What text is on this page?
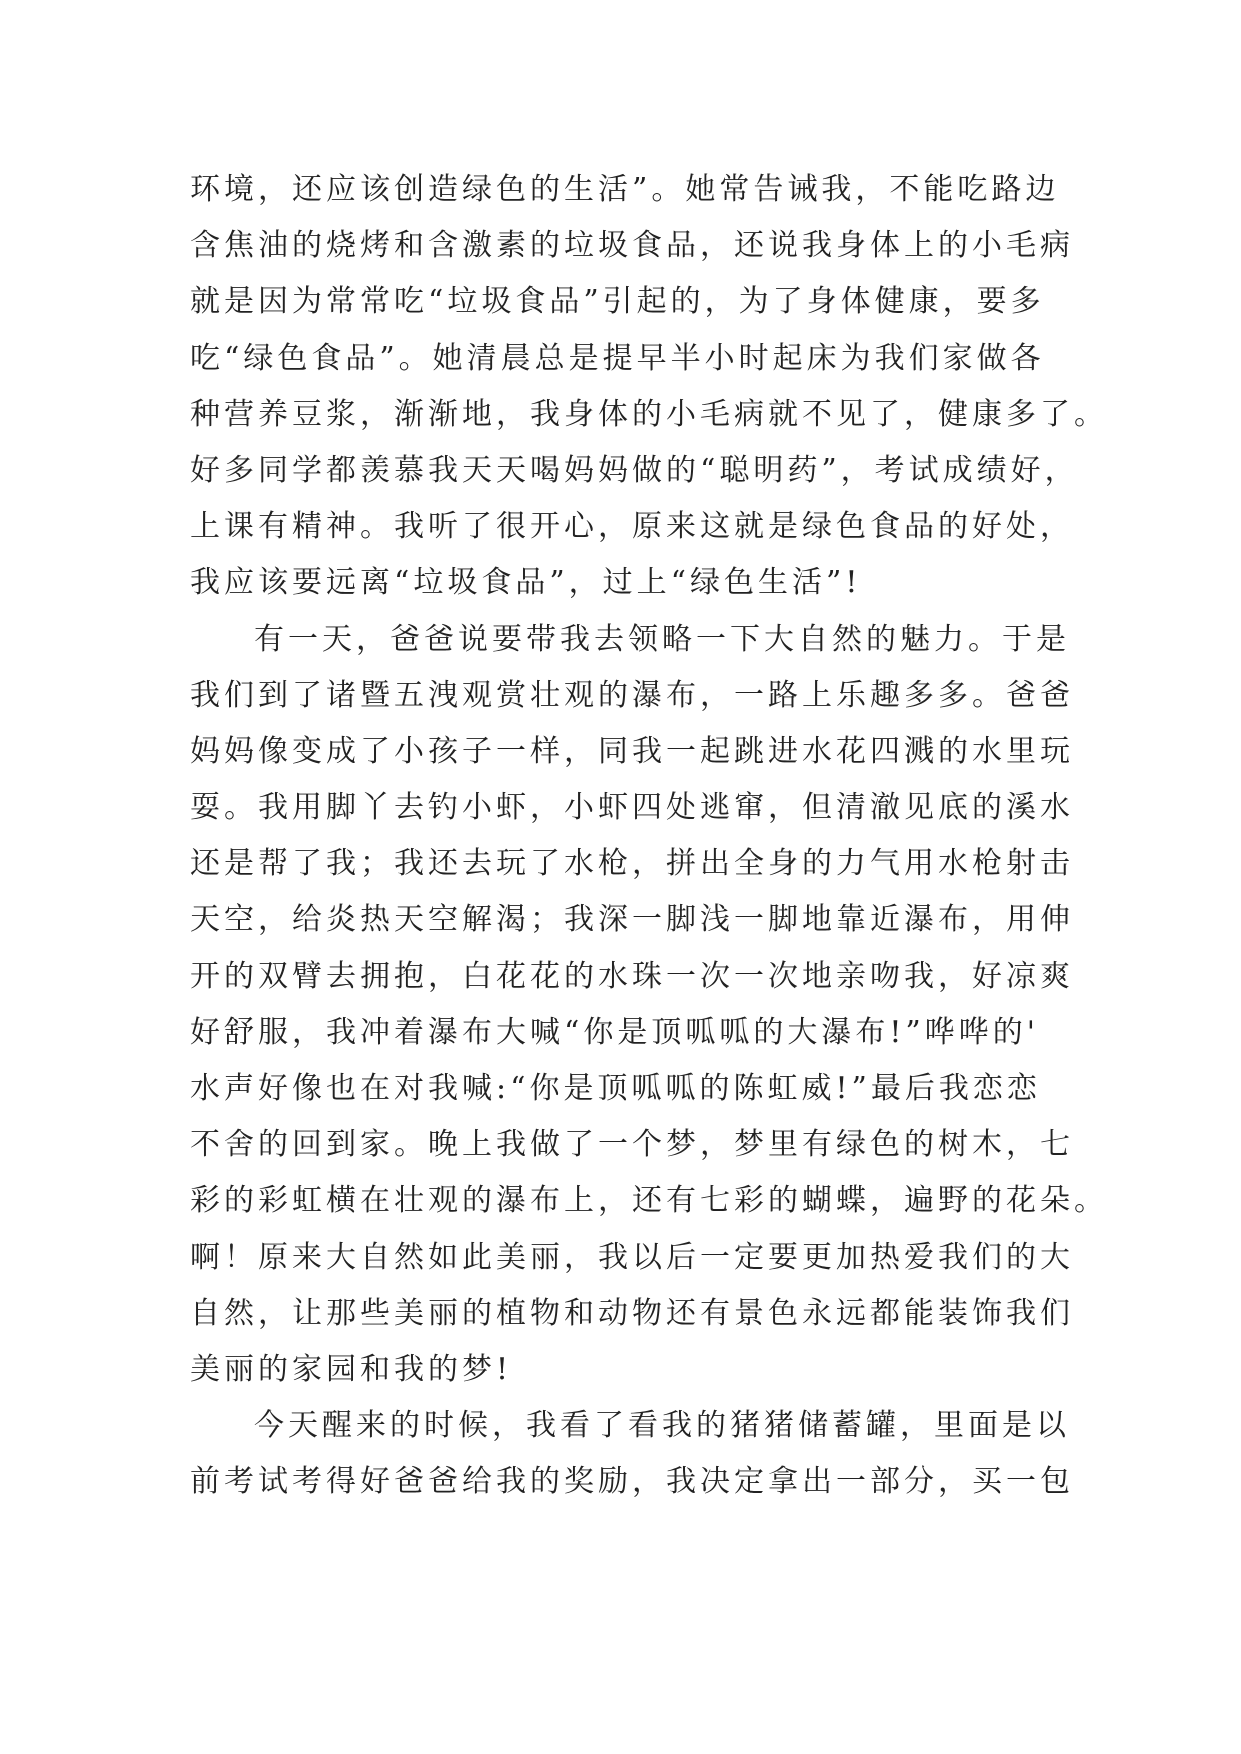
环境，还应该创造绿色的生活”。她常告诫我，不能吃路边
含焦油的烧烤和含激素的垃圾食品，还说我身体上的小毛病
就是因为常常吃“垃圾食品”引起的，为了身体健康，要多
吃“绿色食品”。她清晨总是提早半小时起床为我们家做各
种营养豆浆，渐渐地，我身体的小毛病就不见了，健康多了。
好多同学都羡慕我天天喝妈妈做的“聪明药”，考试成绩好，
上课有精神。我听了很开心，原来这就是绿色食品的好处，
我应该要远离“垃圾食品”，过上“绿色生活”!
有一天，爸爸说要带我去领略一下大自然的魅力。于是
我们到了诸暨五洩观赏壮观的瀑布，一路上乐趣多多。爸爸
妈妈像变成了小孩子一样，同我一起跳进水花四溅的水里玩
耍。我用脚丫去钓小虾，小虾四处逃窜，但清澈见底的溪水
还是帮了我；我还去玩了水枪，拼出全身的力气用水枪射击
天空，给炎热天空解渴；我深一脚浅一脚地靠近瀑布，用伸
开的双臂去拥抱，白花花的水珠一次一次地亲吻我，好凉爽
好舒服，我冲着瀑布大喊“你是顶呱呱的大瀑布!”哗哗的'
水声好像也在对我喊:“你是顶呱呱的陈虹威!”最后我恋恋
不舍的回到家。晚上我做了一个梦，梦里有绿色的树木，七
彩的彩虹横在壮观的瀑布上，还有七彩的蝴蝶，遍野的花朵。
啊！原来大自然如此美丽，我以后一定要更加热爱我们的大
自然，让那些美丽的植物和动物还有景色永远都能装饰我们
美丽的家园和我的梦!
今天醒来的时候，我看了看我的猪猪储蓄罐，里面是以
前考试考得好爸爸给我的奖励，我决定拿出一部分，买一包
